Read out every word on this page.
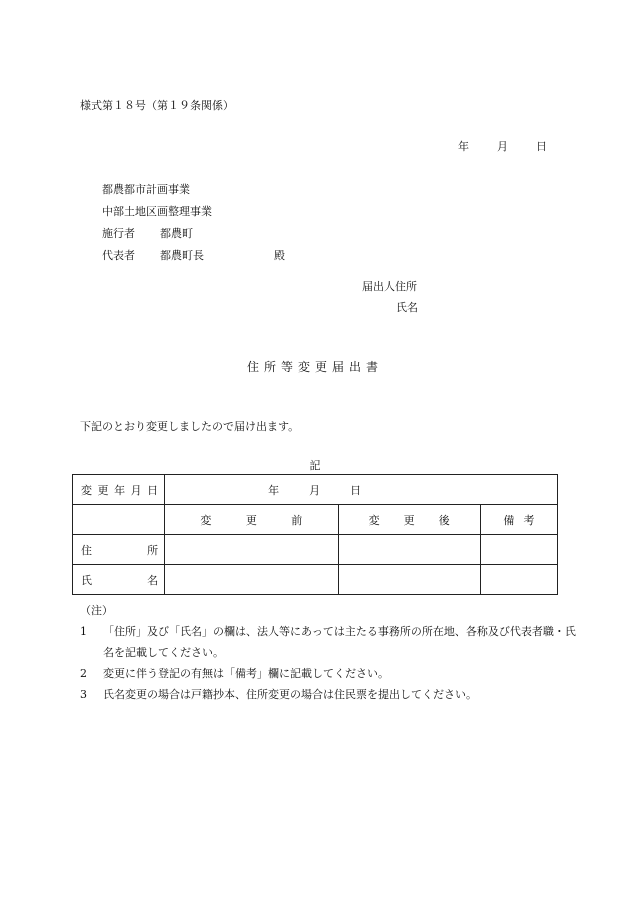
様式第１８号（第１９条関係）
年	月	日
都農都市計画事業
中部土地区画整理事業
施行者 都農町
代表者 都農町長	殿
届出人住所
氏名
住所等変更届出書
下記のとおり変更しましたので届け出ます。
記
変 更 年 月 日	年 月 日		

	変 更 前	変 更 後	備 考

住 所			

氏 名			

（注）
1	「住所」及び「氏名」の欄は、法人等にあっては主たる事務所の所在地、各称及び代表者職・氏名を記載してください。
2	変更に伴う登記の有無は「備考」欄に記載してください。
3	氏名変更の場合は戸籍抄本、住所変更の場合は住民票を提出してください。
